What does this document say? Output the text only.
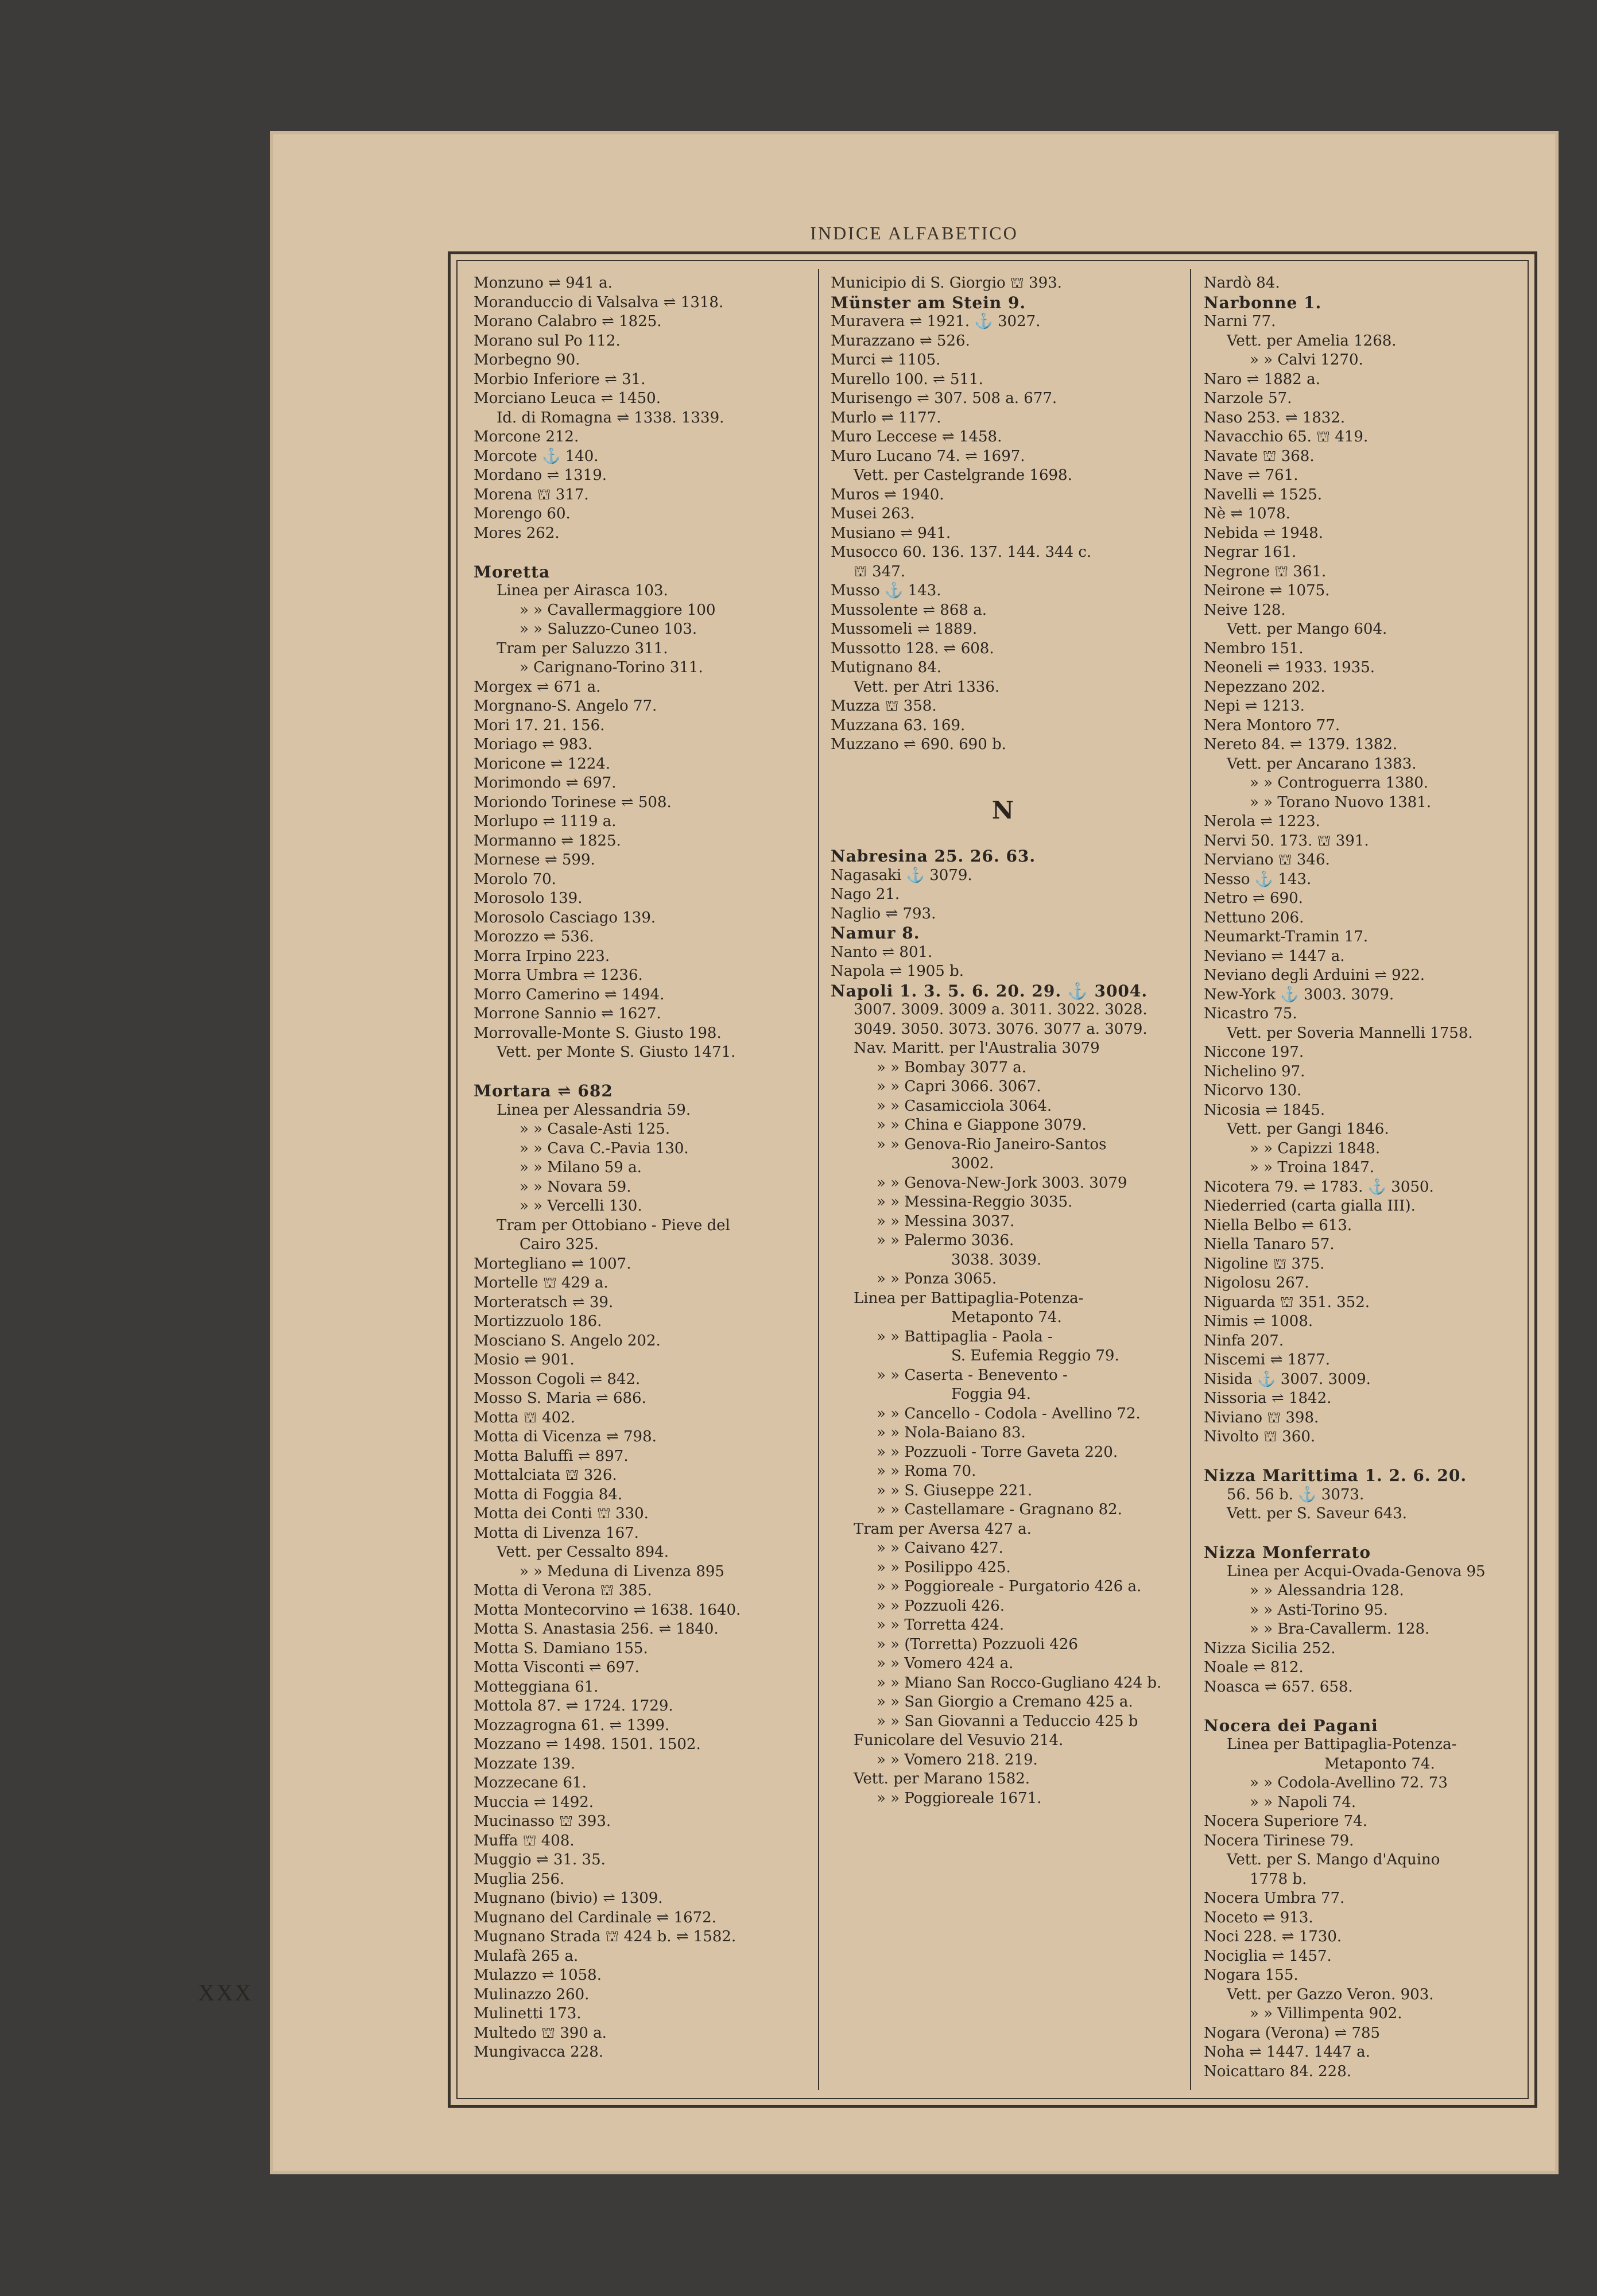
INDICE ALFABETICO
Monzuno ⇌ 941 a.
Moranduccio di Valsalva ⇌ 1318.
Morano Calabro ⇌ 1825.
Morano sul Po 112.
Morbegno 90.
Morbio Inferiore ⇌ 31.
Morciano Leuca ⇌ 1450.
Id. di Romagna ⇌ 1338. 1339.
Morcone 212.
Morcote ⚓ 140.
Mordano ⇌ 1319.
Morena ⛫ 317.
Morengo 60.
Mores 262.
Moretta
Linea per Airasca 103.
» » Cavallermaggiore 100
» » Saluzzo-Cuneo 103.
Tram per Saluzzo 311.
» Carignano-Torino 311.
Morgex ⇌ 671 a.
Morgnano-S. Angelo 77.
Mori 17. 21. 156.
Moriago ⇌ 983.
Moricone ⇌ 1224.
Morimondo ⇌ 697.
Moriondo Torinese ⇌ 508.
Morlupo ⇌ 1119 a.
Mormanno ⇌ 1825.
Mornese ⇌ 599.
Morolo 70.
Morosolo 139.
Morosolo Casciago 139.
Morozzo ⇌ 536.
Morra Irpino 223.
Morra Umbra ⇌ 1236.
Morro Camerino ⇌ 1494.
Morrone Sannio ⇌ 1627.
Morrovalle-Monte S. Giusto 198.
Vett. per Monte S. Giusto 1471.
Mortara ⇌ 682
Linea per Alessandria 59.
» » Casale-Asti 125.
» » Cava C.-Pavia 130.
» » Milano 59 a.
» » Novara 59.
» » Vercelli 130.
Tram per Ottobiano - Pieve del
Cairo 325.
Mortegliano ⇌ 1007.
Mortelle ⛫ 429 a.
Morteratsch ⇌ 39.
Mortizzuolo 186.
Mosciano S. Angelo 202.
Mosio ⇌ 901.
Mosson Cogoli ⇌ 842.
Mosso S. Maria ⇌ 686.
Motta ⛫ 402.
Motta di Vicenza ⇌ 798.
Motta Baluffi ⇌ 897.
Mottalciata ⛫ 326.
Motta di Foggia 84.
Motta dei Conti ⛫ 330.
Motta di Livenza 167.
Vett. per Cessalto 894.
» » Meduna di Livenza 895
Motta di Verona ⛫ 385.
Motta Montecorvino ⇌ 1638. 1640.
Motta S. Anastasia 256. ⇌ 1840.
Motta S. Damiano 155.
Motta Visconti ⇌ 697.
Motteggiana 61.
Mottola 87. ⇌ 1724. 1729.
Mozzagrogna 61. ⇌ 1399.
Mozzano ⇌ 1498. 1501. 1502.
Mozzate 139.
Mozzecane 61.
Muccia ⇌ 1492.
Mucinasso ⛫ 393.
Muffa ⛫ 408.
Muggio ⇌ 31. 35.
Muglia 256.
Mugnano (bivio) ⇌ 1309.
Mugnano del Cardinale ⇌ 1672.
Mugnano Strada ⛫ 424 b. ⇌ 1582.
Mulafà 265 a.
Mulazzo ⇌ 1058.
Mulinazzo 260.
Mulinetti 173.
Multedo ⛫ 390 a.
Mungivacca 228.
Municipio di S. Giorgio ⛫ 393.
Münster am Stein 9.
Muravera ⇌ 1921. ⚓ 3027.
Murazzano ⇌ 526.
Murci ⇌ 1105.
Murello 100. ⇌ 511.
Murisengo ⇌ 307. 508 a. 677.
Murlo ⇌ 1177.
Muro Leccese ⇌ 1458.
Muro Lucano 74. ⇌ 1697.
Vett. per Castelgrande 1698.
Muros ⇌ 1940.
Musei 263.
Musiano ⇌ 941.
Musocco 60. 136. 137. 144. 344 c.
⛫ 347.
Musso ⚓ 143.
Mussolente ⇌ 868 a.
Mussomeli ⇌ 1889.
Mussotto 128. ⇌ 608.
Mutignano 84.
Vett. per Atri 1336.
Muzza ⛫ 358.
Muzzana 63. 169.
Muzzano ⇌ 690. 690 b.
N
Nabresina 25. 26. 63.
Nagasaki ⚓ 3079.
Nago 21.
Naglio ⇌ 793.
Namur 8.
Nanto ⇌ 801.
Napola ⇌ 1905 b.
Napoli 1. 3. 5. 6. 20. 29. ⚓ 3004.
3007. 3009. 3009 a. 3011. 3022. 3028.
3049. 3050. 3073. 3076. 3077 a. 3079.
Nav. Maritt. per l'Australia 3079
» » Bombay 3077 a.
» » Capri 3066. 3067.
» » Casamicciola 3064.
» » China e Giappone 3079.
» » Genova-Rio Janeiro-Santos
3002.
» » Genova-New-Jork 3003. 3079
» » Messina-Reggio 3035.
» » Messina 3037.
» » Palermo 3036.
3038. 3039.
» » Ponza 3065.
Linea per Battipaglia-Potenza-
Metaponto 74.
» » Battipaglia - Paola -
S. Eufemia Reggio 79.
» » Caserta - Benevento -
Foggia 94.
» » Cancello - Codola - Avellino 72.
» » Nola-Baiano 83.
» » Pozzuoli - Torre Gaveta 220.
» » Roma 70.
» » S. Giuseppe 221.
» » Castellamare - Gragnano 82.
Tram per Aversa 427 a.
» » Caivano 427.
» » Posilippo 425.
» » Poggioreale - Purgatorio 426 a.
» » Pozzuoli 426.
» » Torretta 424.
» » (Torretta) Pozzuoli 426
» » Vomero 424 a.
» » Miano San Rocco-Gugliano 424 b.
» » San Giorgio a Cremano 425 a.
» » San Giovanni a Teduccio 425 b
Funicolare del Vesuvio 214.
» » Vomero 218. 219.
Vett. per Marano 1582.
» » Poggioreale 1671.
Nardò 84.
Narbonne 1.
Narni 77.
Vett. per Amelia 1268.
» » Calvi 1270.
Naro ⇌ 1882 a.
Narzole 57.
Naso 253. ⇌ 1832.
Navacchio 65. ⛫ 419.
Navate ⛫ 368.
Nave ⇌ 761.
Navelli ⇌ 1525.
Nè ⇌ 1078.
Nebida ⇌ 1948.
Negrar 161.
Negrone ⛫ 361.
Neirone ⇌ 1075.
Neive 128.
Vett. per Mango 604.
Nembro 151.
Neoneli ⇌ 1933. 1935.
Nepezzano 202.
Nepi ⇌ 1213.
Nera Montoro 77.
Nereto 84. ⇌ 1379. 1382.
Vett. per Ancarano 1383.
» » Controguerra 1380.
» » Torano Nuovo 1381.
Nerola ⇌ 1223.
Nervi 50. 173. ⛫ 391.
Nerviano ⛫ 346.
Nesso ⚓ 143.
Netro ⇌ 690.
Nettuno 206.
Neumarkt-Tramin 17.
Neviano ⇌ 1447 a.
Neviano degli Arduini ⇌ 922.
New-York ⚓ 3003. 3079.
Nicastro 75.
Vett. per Soveria Mannelli 1758.
Niccone 197.
Nichelino 97.
Nicorvo 130.
Nicosia ⇌ 1845.
Vett. per Gangi 1846.
» » Capizzi 1848.
» » Troina 1847.
Nicotera 79. ⇌ 1783. ⚓ 3050.
Niederried (carta gialla III).
Niella Belbo ⇌ 613.
Niella Tanaro 57.
Nigoline ⛫ 375.
Nigolosu 267.
Niguarda ⛫ 351. 352.
Nimis ⇌ 1008.
Ninfa 207.
Niscemi ⇌ 1877.
Nisida ⚓ 3007. 3009.
Nissoria ⇌ 1842.
Niviano ⛫ 398.
Nivolto ⛫ 360.
Nizza Marittima 1. 2. 6. 20.
56. 56 b. ⚓ 3073.
Vett. per S. Saveur 643.
Nizza Monferrato
Linea per Acqui-Ovada-Genova 95
» » Alessandria 128.
» » Asti-Torino 95.
» » Bra-Cavallerm. 128.
Nizza Sicilia 252.
Noale ⇌ 812.
Noasca ⇌ 657. 658.
Nocera dei Pagani
Linea per Battipaglia-Potenza-
Metaponto 74.
» » Codola-Avellino 72. 73
» » Napoli 74.
Nocera Superiore 74.
Nocera Tirinese 79.
Vett. per S. Mango d'Aquino
1778 b.
Nocera Umbra 77.
Noceto ⇌ 913.
Noci 228. ⇌ 1730.
Nociglia ⇌ 1457.
Nogara 155.
Vett. per Gazzo Veron. 903.
» » Villimpenta 902.
Nogara (Verona) ⇌ 785
Noha ⇌ 1447. 1447 a.
Noicattaro 84. 228.
XXX
